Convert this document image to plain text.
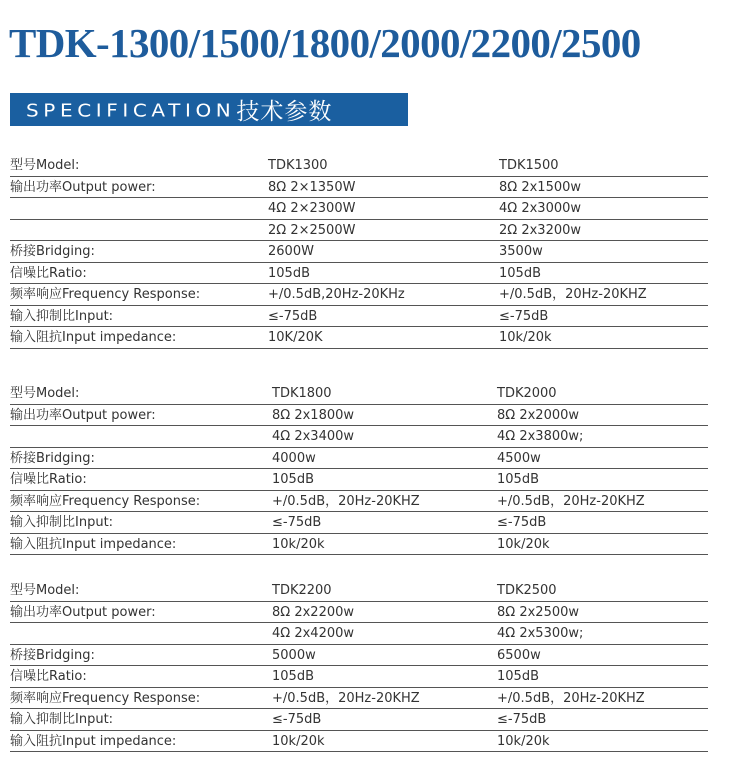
TDK-1300/1500/1800/2000/2200/2500
SPECIFICATION 技术参数
型号Model:	TDK1300	TDK1500
输出功率Output power:	8Ω 2×1350W	8Ω 2x1500w
4Ω 2×2300W	4Ω 2x3000w
2Ω 2×2500W	2Ω 2x3200w
桥接Bridging:	2600W	3500w
信噪比Ratio:	105dB	105dB
频率响应Frequency Response:	+/0.5dB,20Hz-20KHz	+/0.5dB，20Hz-20KHZ
输入抑制比Input:	≤-75dB	≤-75dB
输入阻抗Input impedance:	10K/20K	10k/20k
型号Model:	TDK1800	TDK2000
输出功率Output power:	8Ω 2x1800w	8Ω 2x2000w
4Ω 2x3400w	4Ω 2x3800w;
桥接Bridging:	4000w	4500w
信噪比Ratio:	105dB	105dB
频率响应Frequency Response:	+/0.5dB，20Hz-20KHZ	+/0.5dB，20Hz-20KHZ
输入抑制比Input:	≤-75dB	≤-75dB
输入阻抗Input impedance:	10k/20k	10k/20k
型号Model:	TDK2200	TDK2500
输出功率Output power:	8Ω 2x2200w	8Ω 2x2500w
4Ω 2x4200w	4Ω 2x5300w;
桥接Bridging:	5000w	6500w
信噪比Ratio:	105dB	105dB
频率响应Frequency Response:	+/0.5dB，20Hz-20KHZ	+/0.5dB，20Hz-20KHZ
输入抑制比Input:	≤-75dB	≤-75dB
输入阻抗Input impedance:	10k/20k	10k/20k
